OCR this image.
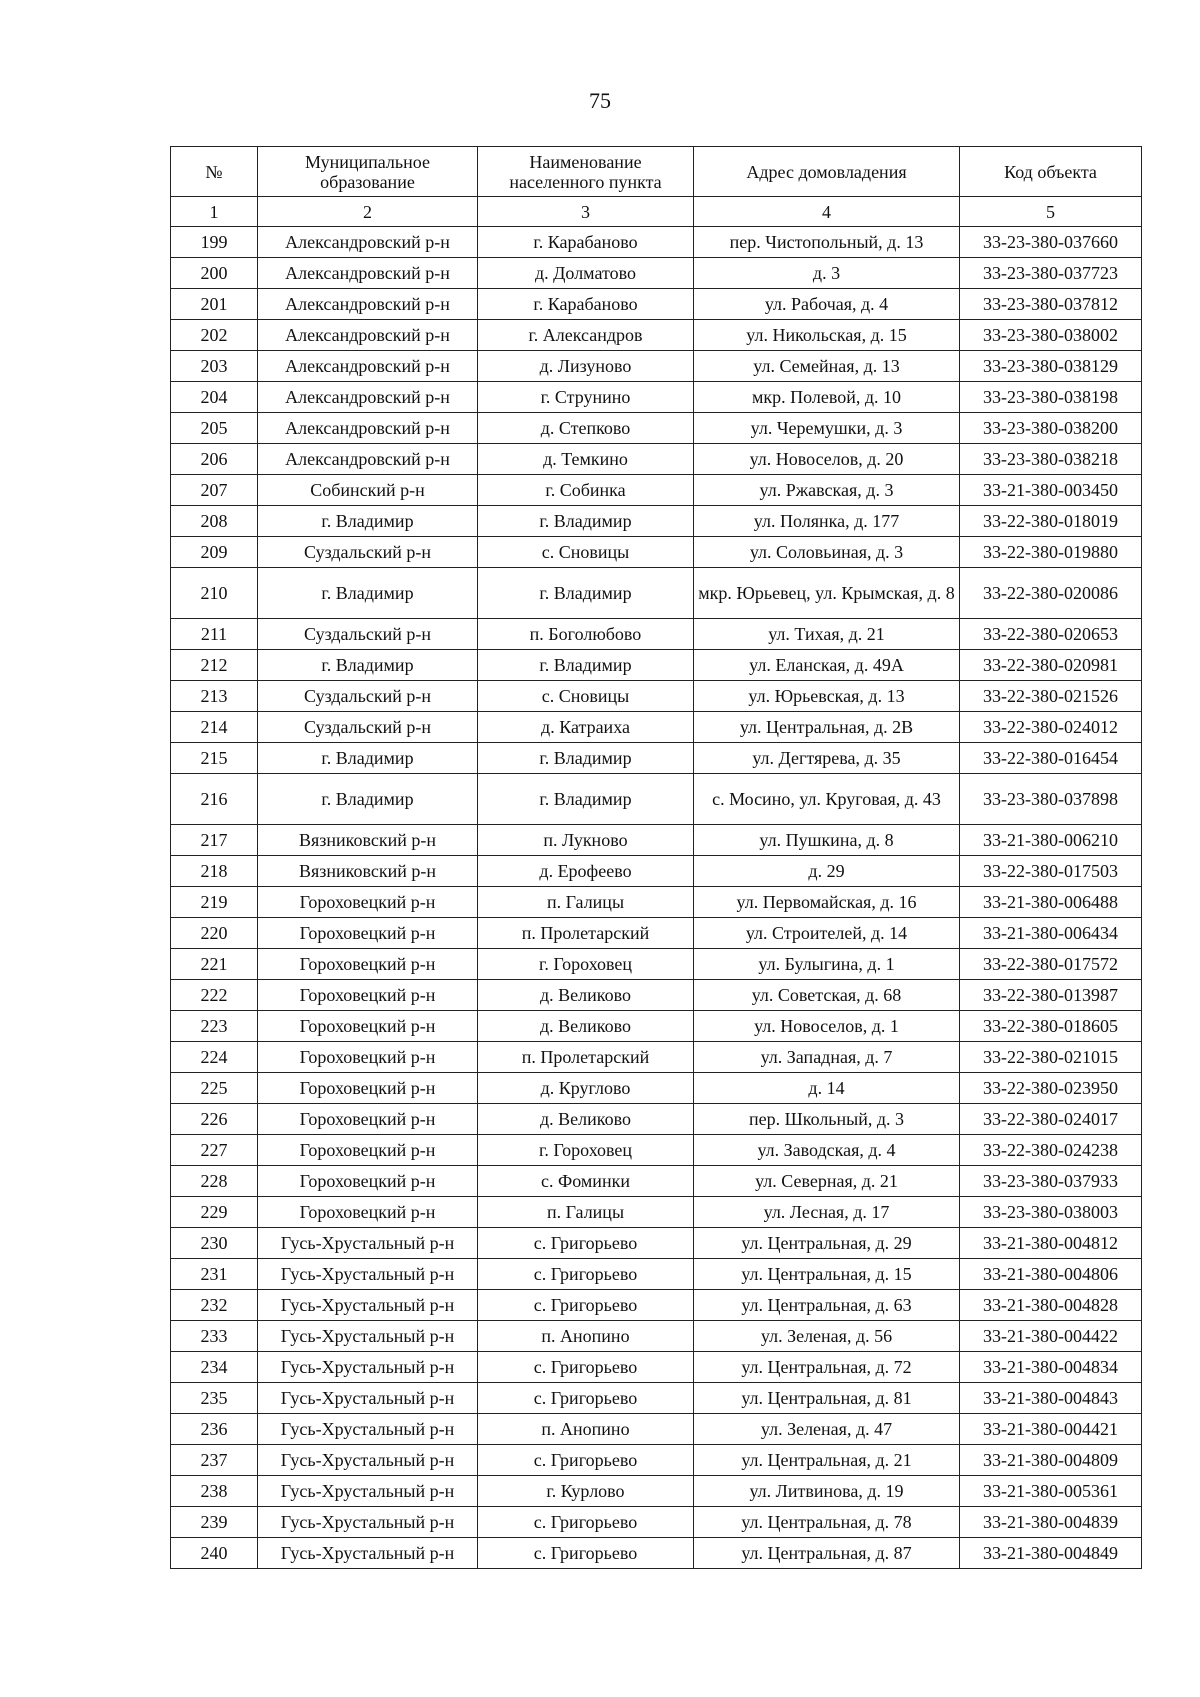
75
№	Муниципальное образование	Наименование населенного пункта	Адрес домовладения	Код объекта
1	2	3	4	5
199	Александровский р-н	г. Карабаново	пер. Чистопольный, д. 13	33-23-380-037660
200	Александровский р-н	д. Долматово	д. 3	33-23-380-037723
201	Александровский р-н	г. Карабаново	ул. Рабочая, д. 4	33-23-380-037812
202	Александровский р-н	г. Александров	ул. Никольская, д. 15	33-23-380-038002
203	Александровский р-н	д. Лизуново	ул. Семейная, д. 13	33-23-380-038129
204	Александровский р-н	г. Струнино	мкр. Полевой, д. 10	33-23-380-038198
205	Александровский р-н	д. Степково	ул. Черемушки, д. 3	33-23-380-038200
206	Александровский р-н	д. Темкино	ул. Новоселов, д. 20	33-23-380-038218
207	Собинский р-н	г. Собинка	ул. Ржавская, д. 3	33-21-380-003450
208	г. Владимир	г. Владимир	ул. Полянка, д. 177	33-22-380-018019
209	Суздальский р-н	с. Сновицы	ул. Соловьиная, д. 3	33-22-380-019880
210	г. Владимир	г. Владимир	мкр. Юрьевец, ул. Крымская, д. 8	33-22-380-020086
211	Суздальский р-н	п. Боголюбово	ул. Тихая, д. 21	33-22-380-020653
212	г. Владимир	г. Владимир	ул. Еланская, д. 49А	33-22-380-020981
213	Суздальский р-н	с. Сновицы	ул. Юрьевская, д. 13	33-22-380-021526
214	Суздальский р-н	д. Катраиха	ул. Центральная, д. 2В	33-22-380-024012
215	г. Владимир	г. Владимир	ул. Дегтярева, д. 35	33-22-380-016454
216	г. Владимир	г. Владимир	с. Мосино, ул. Круговая, д. 43	33-23-380-037898
217	Вязниковский р-н	п. Лукново	ул. Пушкина, д. 8	33-21-380-006210
218	Вязниковский р-н	д. Ерофеево	д. 29	33-22-380-017503
219	Гороховецкий р-н	п. Галицы	ул. Первомайская, д. 16	33-21-380-006488
220	Гороховецкий р-н	п. Пролетарский	ул. Строителей, д. 14	33-21-380-006434
221	Гороховецкий р-н	г. Гороховец	ул. Булыгина, д. 1	33-22-380-017572
222	Гороховецкий р-н	д. Великово	ул. Советская, д. 68	33-22-380-013987
223	Гороховецкий р-н	д. Великово	ул. Новоселов, д. 1	33-22-380-018605
224	Гороховецкий р-н	п. Пролетарский	ул. Западная, д. 7	33-22-380-021015
225	Гороховецкий р-н	д. Круглово	д. 14	33-22-380-023950
226	Гороховецкий р-н	д. Великово	пер. Школьный, д. 3	33-22-380-024017
227	Гороховецкий р-н	г. Гороховец	ул. Заводская, д. 4	33-22-380-024238
228	Гороховецкий р-н	с. Фоминки	ул. Северная, д. 21	33-23-380-037933
229	Гороховецкий р-н	п. Галицы	ул. Лесная, д. 17	33-23-380-038003
230	Гусь-Хрустальный р-н	с. Григорьево	ул. Центральная, д. 29	33-21-380-004812
231	Гусь-Хрустальный р-н	с. Григорьево	ул. Центральная, д. 15	33-21-380-004806
232	Гусь-Хрустальный р-н	с. Григорьево	ул. Центральная, д. 63	33-21-380-004828
233	Гусь-Хрустальный р-н	п. Анопино	ул. Зеленая, д. 56	33-21-380-004422
234	Гусь-Хрустальный р-н	с. Григорьево	ул. Центральная, д. 72	33-21-380-004834
235	Гусь-Хрустальный р-н	с. Григорьево	ул. Центральная, д. 81	33-21-380-004843
236	Гусь-Хрустальный р-н	п. Анопино	ул. Зеленая, д. 47	33-21-380-004421
237	Гусь-Хрустальный р-н	с. Григорьево	ул. Центральная, д. 21	33-21-380-004809
238	Гусь-Хрустальный р-н	г. Курлово	ул. Литвинова, д. 19	33-21-380-005361
239	Гусь-Хрустальный р-н	с. Григорьево	ул. Центральная, д. 78	33-21-380-004839
240	Гусь-Хрустальный р-н	с. Григорьево	ул. Центральная, д. 87	33-21-380-004849
